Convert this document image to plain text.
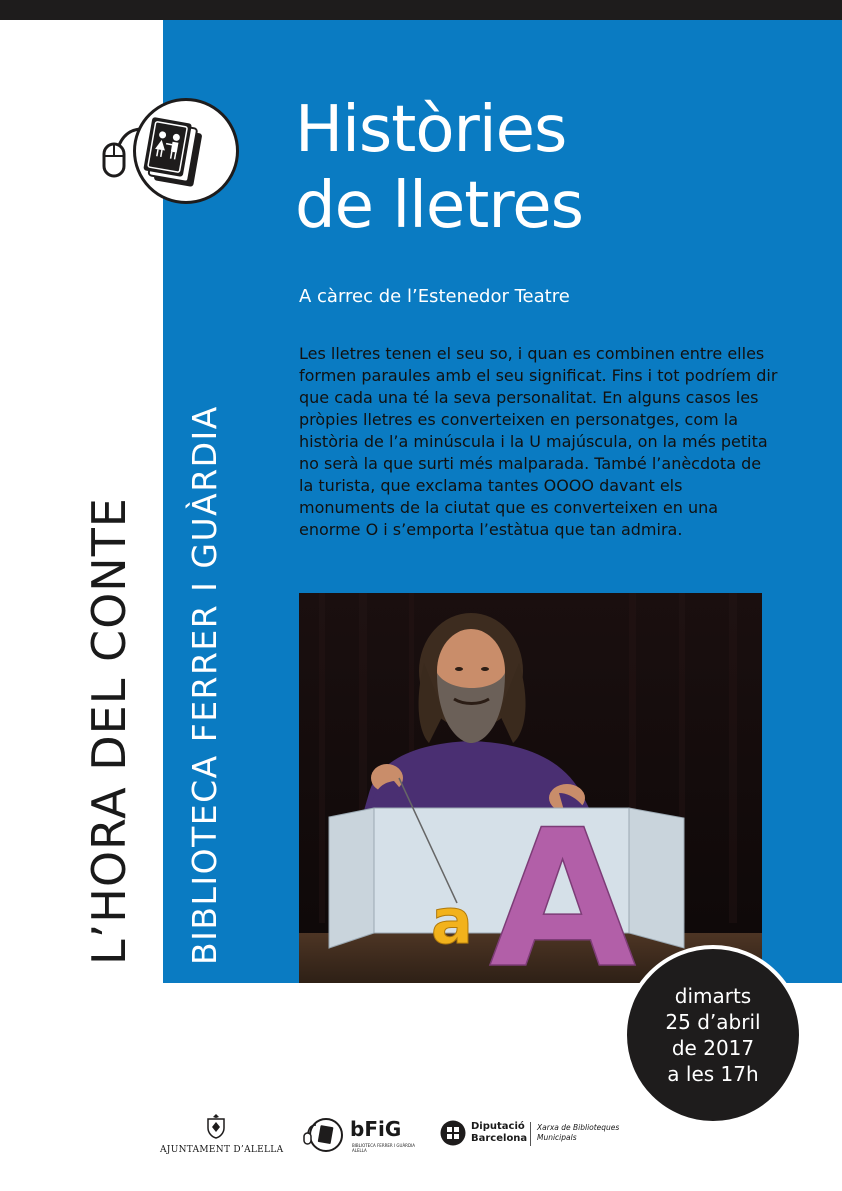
L’HORA DEL CONTE BIBLIOTECA FERRER I GUÀRDIA
Històries
de lletres
A càrrec de l’Estenedor Teatre

Les lletres tenen el seu so, i quan es combinen entre elles formen paraules amb el seu significat. Fins i tot podríem dir que cada una té la seva personalitat. En alguns casos les pròpies lletres es converteixen en personatges, com la història de l’a minúscula i la U majúscula, on la més petita no serà la que surti més malparada. També l’anècdota de la turista, que exclama tantes OOOO davant els monuments de la ciutat que es converteixen en una enorme O i s’emporta l’estàtua que tan admira.

a A dimarts
25 d’abril
de 2017
a les 17h
AJUNTAMENT D’ALELLA
bFiG
BIBLIOTECA FERRER I GUÀRDIA
ALELLA
Diputació
Barcelona
Xarxa de Biblioteques
Municipals
